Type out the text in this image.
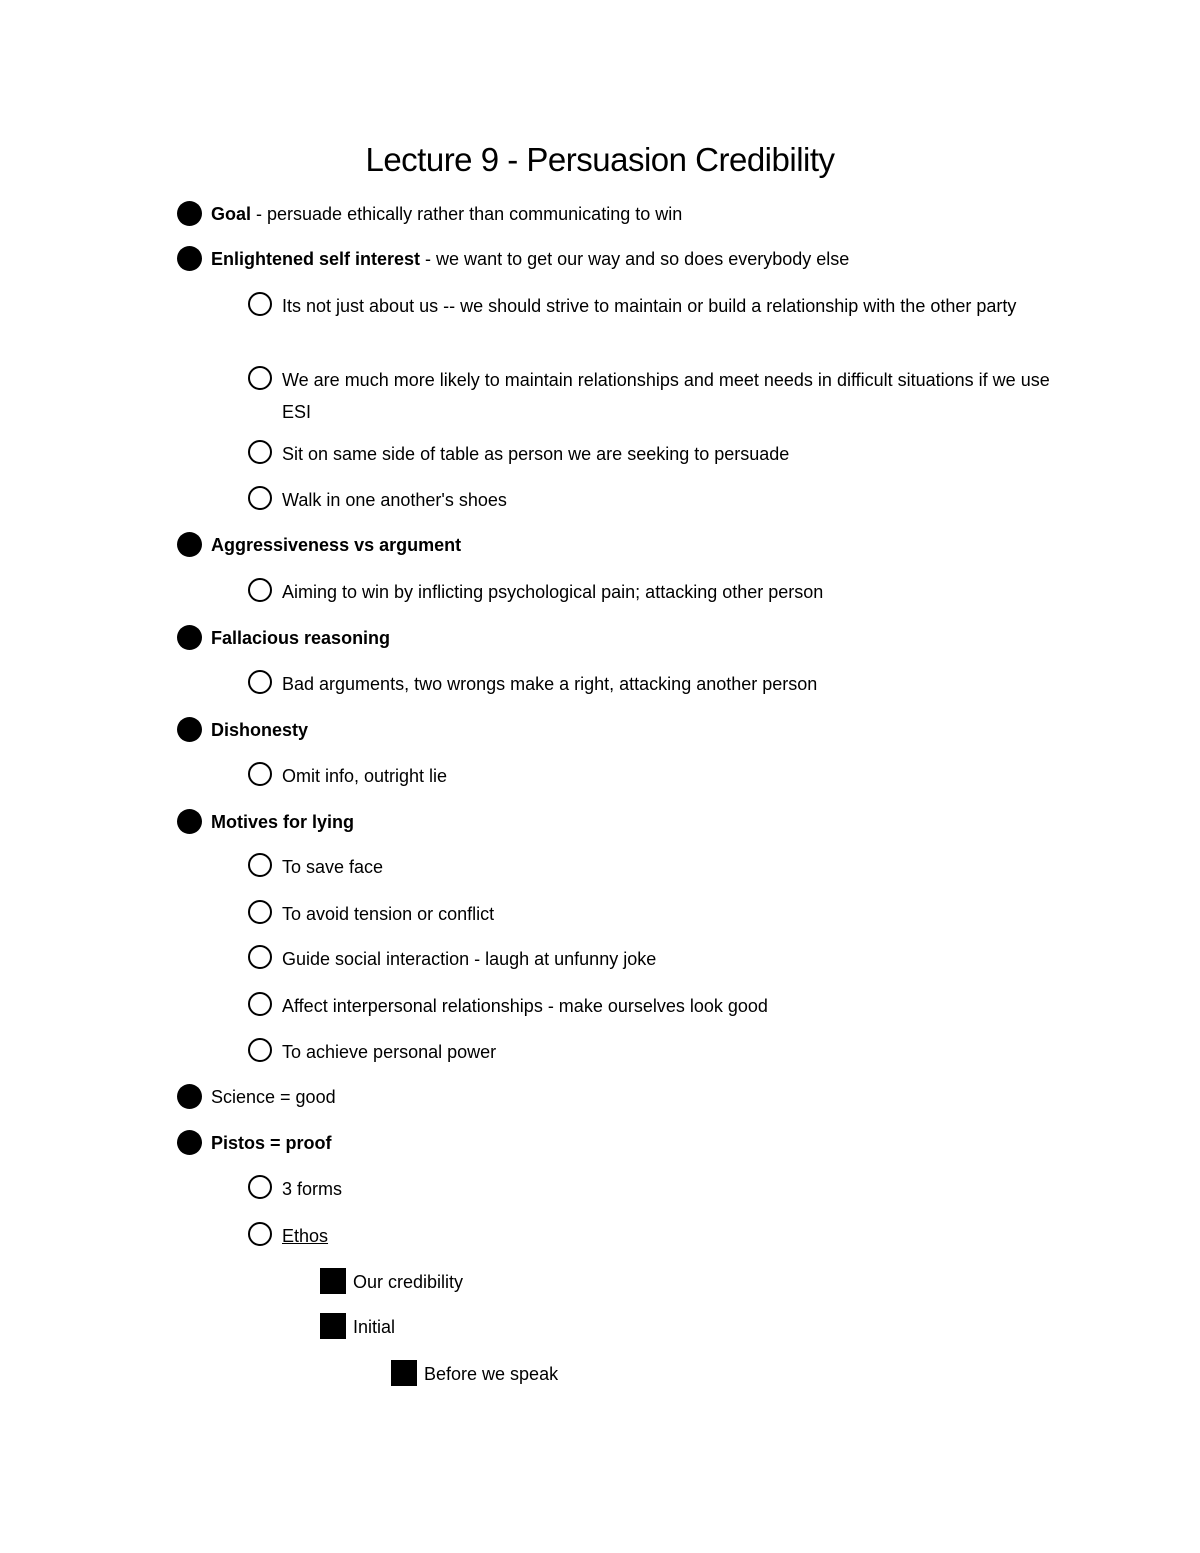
Lecture 9 - Persuasion Credibility
Goal - persuade ethically rather than communicating to win
Enlightened self interest - we want to get our way and so does everybody else
Its not just about us -- we should strive to maintain or build a relationship with the other party
We are much more likely to maintain relationships and meet needs in difficult situations if we use ESI
Sit on same side of table as person we are seeking to persuade
Walk in one another's shoes
Aggressiveness vs argument
Aiming to win by inflicting psychological pain; attacking other person
Fallacious reasoning
Bad arguments, two wrongs make a right, attacking another person
Dishonesty
Omit info, outright lie
Motives for lying
To save face
To avoid tension or conflict
Guide social interaction - laugh at unfunny joke
Affect interpersonal relationships - make ourselves look good
To achieve personal power
Science = good
Pistos = proof
3 forms
Ethos
Our credibility
Initial
Before we speak
